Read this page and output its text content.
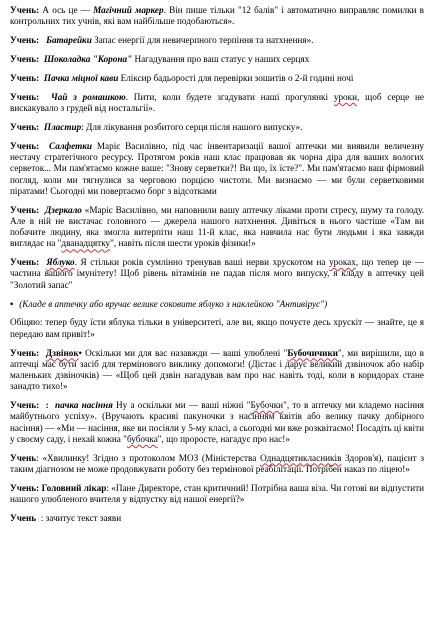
Учень: А ось це — Магічний маркер. Він пише тільки "12 балів" і автоматично виправляє помилки в контрольних тих учнів, які вам найбільше подобаються».

Учень: Батарейки Запас енергії для невичерпного терпіння та натхнення».

Учень: Шоколадка "Корона" Нагадування про ваш статус у наших серцях

Учень: Пачка міцної кави Еліксир бадьорості для перевірки зошитів о 2-й годині ночі

Учень: Чай з ромашкою. Пити, коли будете згадувати наші прогулянкі уроки, щоб серце не вискакувало з грудей від ностальгії».

Учень: Пластир: Для лікування розбитого серця після нашого випуску».

Учень: Салфетки Маріє Василівно, під час інвентаризації вашої аптечки ми виявили величезну нестачу стратегічного ресурсу. Протягом років наш клас працював як чорна діра для ваших вологих серветок... Ми пам'ятаємо кожне ваше: "Знову серветки?! Ви що, їх їсте?". Ми пам'ятаємо ваш фірмовий погляд, коли ми тягнулися за черговою порцією чистоти. Ми визнаємо — ми були серветковими піратами! Сьогодні ми повертаємо борг з відсотками

Учень: Дзеркало «Маріє Василівно, ми наповнили вашу аптечку ліками проти стресу, шуму та голоду. Але в ній не вистачає головного — джерела нашого натхнення. Дивіться в нього частіше «Там ви побачите людину, яка змогла витерпіти наш 11-й клас, яка навчила нас бути людьми і яка завжди виглядає на "дванадцятку", навіть після шести уроків фізики!»

Учень: Яблуко. Я стільки років сумлінно тренував ваші нерви хрускотом на уроках, що тепер це — частина вашого імунітету! Щоб рівень вітамінів не падав після мого випуску, я кладу в аптечку цей "Золотий запас"

• (Кладе в аптечку або вручає велике соковите яблуко з наклейкою "Антивірус")

Обіцяю: тепер буду їсти яблука тільки в університеті, але ви, якщо почуєте десь хрускіт — знайте, це я передаю вам привіт!»

Учень: Дзвінок• Оскільки ми для вас назавжди — ваші улюблені "Бубочичики", ми вирішили, що в аптечці має бути засіб для термінового виклику допомоги! (Дістає і дарує великий дзвіночок або набір маленьких дзвіночків) — «Щоб цей дзвін нагадував вам про нас навіть тоді, коли в коридорах стане занадто тихо!»

Учень: : пачка насіння Ну а оскільки ми — ваші ніжні "Бубочки", то в аптечку ми кладемо насіння майбутнього успіху». (Вручають красиві пакуночки з насінням квітів або велику пачку добірного насіння) — «Ми — насіння, яке ви посіяли у 5-му класі, а сьогодні ми вже розквітаємо! Посадіть ці квіти у своєму саду, і нехай кожна "бубочка", що проросте, нагадує про нас!»

Учень: «Хвилинку! Згідно з протоколом МОЗ (Міністерства Однадцятикласників Здоров'я), пацієнт з таким діагнозом не може продовжувати роботу без термінової реабілітації. Потрібен наказ по ліцею!»

Учень: Головний лікар: «Пане Директоре, стан критичний! Потрібна ваша віза. Чи готові ви відпустити нашого улюбленого вчителя у відпустку від нашої енергії?»

Учень : зачитує текст заяви
